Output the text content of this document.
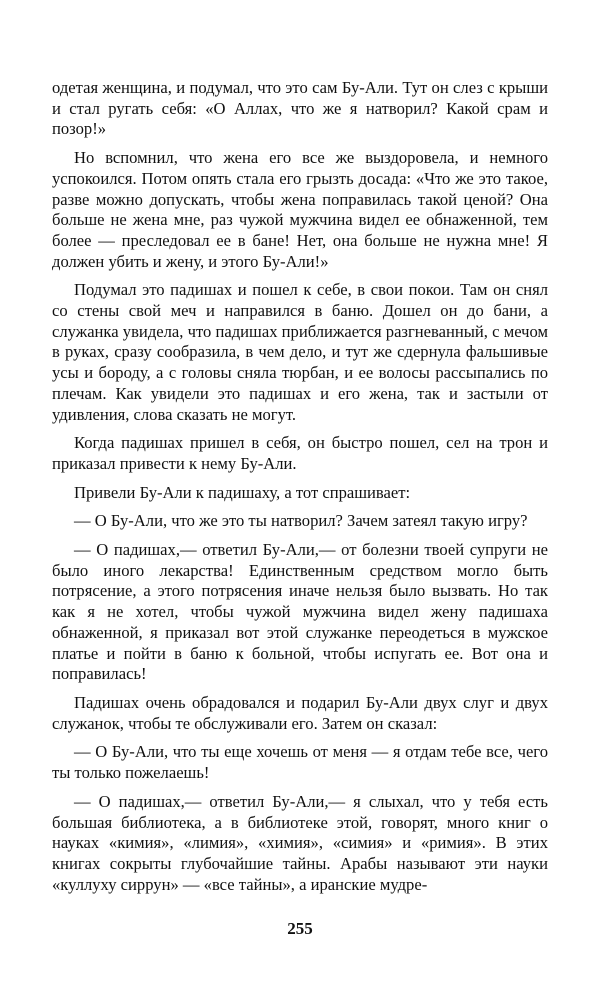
одетая женщина, и подумал, что это сам Бу-Али. Тут он слез с крыши и стал ругать себя: «О Аллах, что же я натворил? Какой срам и позор!»

Но вспомнил, что жена его все же выздоровела, и немного успокоился. Потом опять стала его грызть досада: «Что же это такое, разве можно допускать, чтобы жена поправилась такой ценой? Она больше не жена мне, раз чужой мужчина видел ее обнаженной, тем более — преследовал ее в бане! Нет, она больше не нужна мне! Я должен убить и жену, и этого Бу-Али!»

Подумал это падишах и пошел к себе, в свои покои. Там он снял со стены свой меч и направился в баню. Дошел он до бани, а служанка увидела, что падишах приближается разгневанный, с мечом в руках, сразу сообразила, в чем дело, и тут же сдернула фальшивые усы и бороду, а с головы сняла тюрбан, и ее волосы рассыпались по плечам. Как увидели это падишах и его жена, так и застыли от удивления, слова сказать не могут.

Когда падишах пришел в себя, он быстро пошел, сел на трон и приказал привести к нему Бу-Али.

Привели Бу-Али к падишаху, а тот спрашивает:

— О Бу-Али, что же это ты натворил? Зачем затеял такую игру?

— О падишах,— ответил Бу-Али,— от болезни твоей супруги не было иного лекарства! Единственным средством могло быть потрясение, а этого потрясения иначе нельзя было вызвать. Но так как я не хотел, чтобы чужой мужчина видел жену падишаха обнаженной, я приказал вот этой служанке переодеться в мужское платье и пойти в баню к больной, чтобы испугать ее. Вот она и поправилась!

Падишах очень обрадовался и подарил Бу-Али двух слуг и двух служанок, чтобы те обслуживали его. Затем он сказал:

— О Бу-Али, что ты еще хочешь от меня — я отдам тебе все, чего ты только пожелаешь!

— О падишах,— ответил Бу-Али,— я слыхал, что у тебя есть большая библиотека, а в библиотеке этой, говорят, много книг о науках «кимия», «лимия», «химия», «симия» и «римия». В этих книгах сокрыты глубочайшие тайны. Арабы называют эти науки «куллуху сиррун» — «все тайны», а иранские мудре-

255
